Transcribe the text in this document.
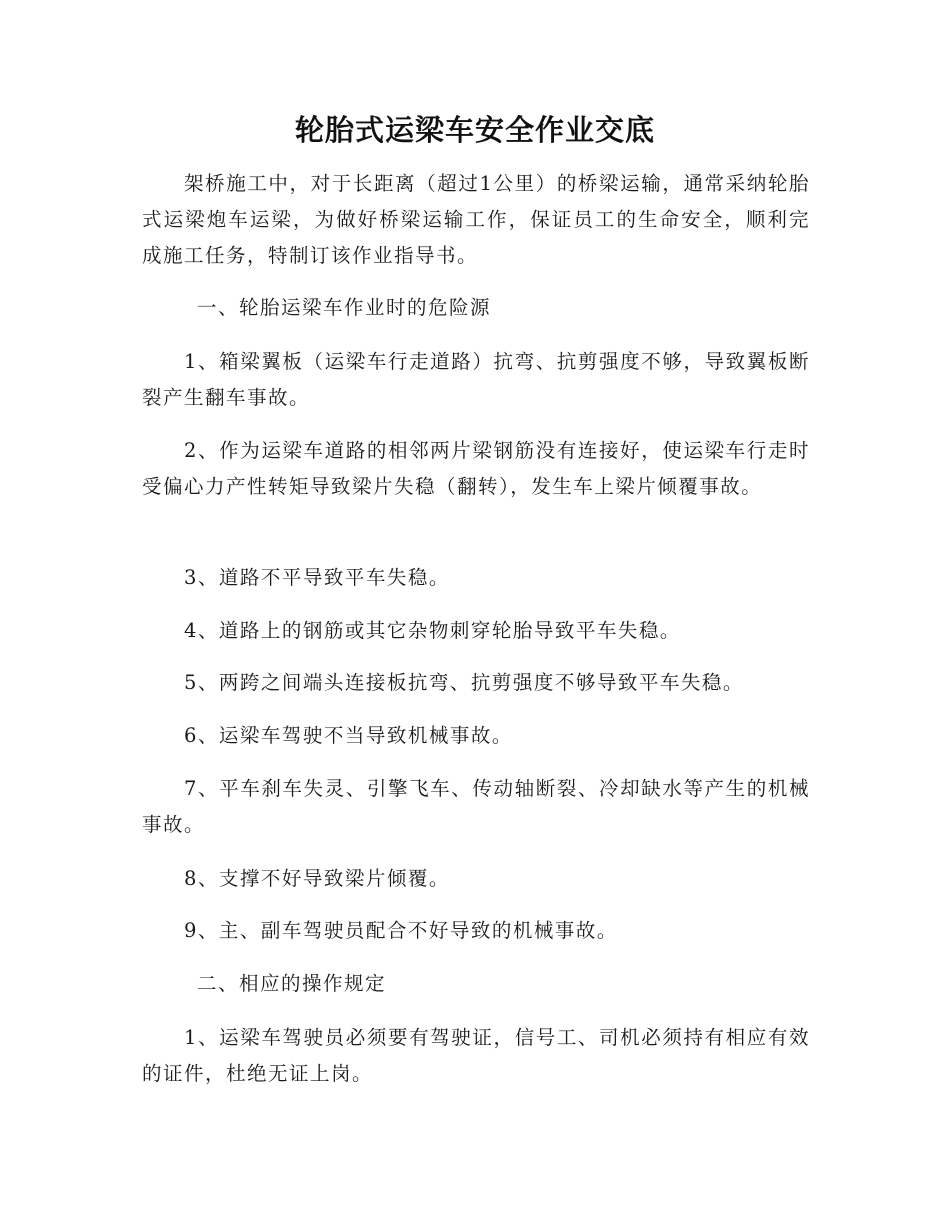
轮胎式运梁车安全作业交底

架桥施工中，对于长距离（超过1公里）的桥梁运输，通常采纳轮胎式运梁炮车运梁，为做好桥梁运输工作，保证员工的生命安全，顺利完成施工任务，特制订该作业指导书。

一、轮胎运梁车作业时的危险源

1、箱梁翼板（运梁车行走道路）抗弯、抗剪强度不够，导致翼板断裂产生翻车事故。

2、作为运梁车道路的相邻两片梁钢筋没有连接好，使运梁车行走时受偏心力产性转矩导致梁片失稳（翻转），发生车上梁片倾覆事故。

3、道路不平导致平车失稳。

4、道路上的钢筋或其它杂物刺穿轮胎导致平车失稳。

5、两跨之间端头连接板抗弯、抗剪强度不够导致平车失稳。

6、运梁车驾驶不当导致机械事故。

7、平车刹车失灵、引擎飞车、传动轴断裂、冷却缺水等产生的机械事故。

8、支撑不好导致梁片倾覆。

9、主、副车驾驶员配合不好导致的机械事故。

二、相应的操作规定

1、运梁车驾驶员必须要有驾驶证，信号工、司机必须持有相应有效的证件，杜绝无证上岗。
